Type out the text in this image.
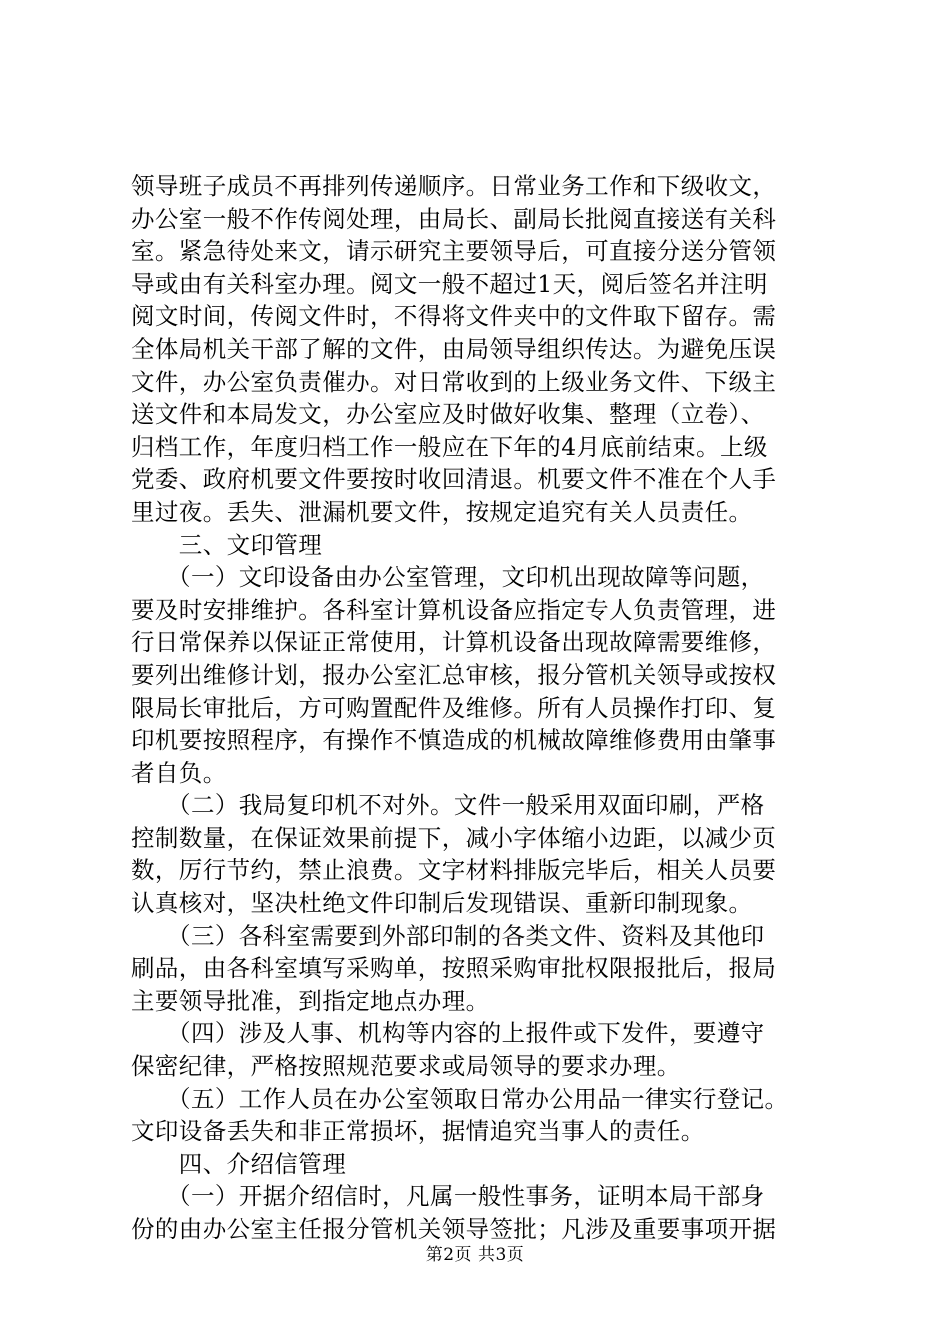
领导班子成员不再排列传递顺序。日常业务工作和下级收文，
办公室一般不作传阅处理，由局长、副局长批阅直接送有关科
室。紧急待处来文，请示研究主要领导后，可直接分送分管领
导或由有关科室办理。阅文一般不超过1天，阅后签名并注明
阅文时间，传阅文件时，不得将文件夹中的文件取下留存。需
全体局机关干部了解的文件，由局领导组织传达。为避免压误
文件，办公室负责催办。对日常收到的上级业务文件、下级主
送文件和本局发文，办公室应及时做好收集、整理（立卷）、
归档工作，年度归档工作一般应在下年的4月底前结束。上级
党委、政府机要文件要按时收回清退。机要文件不准在个人手
里过夜。丢失、泄漏机要文件，按规定追究有关人员责任。
　　三、文印管理
　　（一）文印设备由办公室管理，文印机出现故障等问题，
要及时安排维护。各科室计算机设备应指定专人负责管理，进
行日常保养以保证正常使用，计算机设备出现故障需要维修，
要列出维修计划，报办公室汇总审核，报分管机关领导或按权
限局长审批后，方可购置配件及维修。所有人员操作打印、复
印机要按照程序，有操作不慎造成的机械故障维修费用由肇事
者自负。
　　（二）我局复印机不对外。文件一般采用双面印刷，严格
控制数量，在保证效果前提下，减小字体缩小边距，以减少页
数，厉行节约，禁止浪费。文字材料排版完毕后，相关人员要
认真核对，坚决杜绝文件印制后发现错误、重新印制现象。
　　（三）各科室需要到外部印制的各类文件、资料及其他印
刷品，由各科室填写采购单，按照采购审批权限报批后，报局
主要领导批准，到指定地点办理。
　　（四）涉及人事、机构等内容的上报件或下发件，要遵守
保密纪律，严格按照规范要求或局领导的要求办理。
　　（五）工作人员在办公室领取日常办公用品一律实行登记。
文印设备丢失和非正常损坏，据情追究当事人的责任。
　　四、介绍信管理
　　（一）开据介绍信时，凡属一般性事务，证明本局干部身
份的由办公室主任报分管机关领导签批；凡涉及重要事项开据
第2页 共3页
